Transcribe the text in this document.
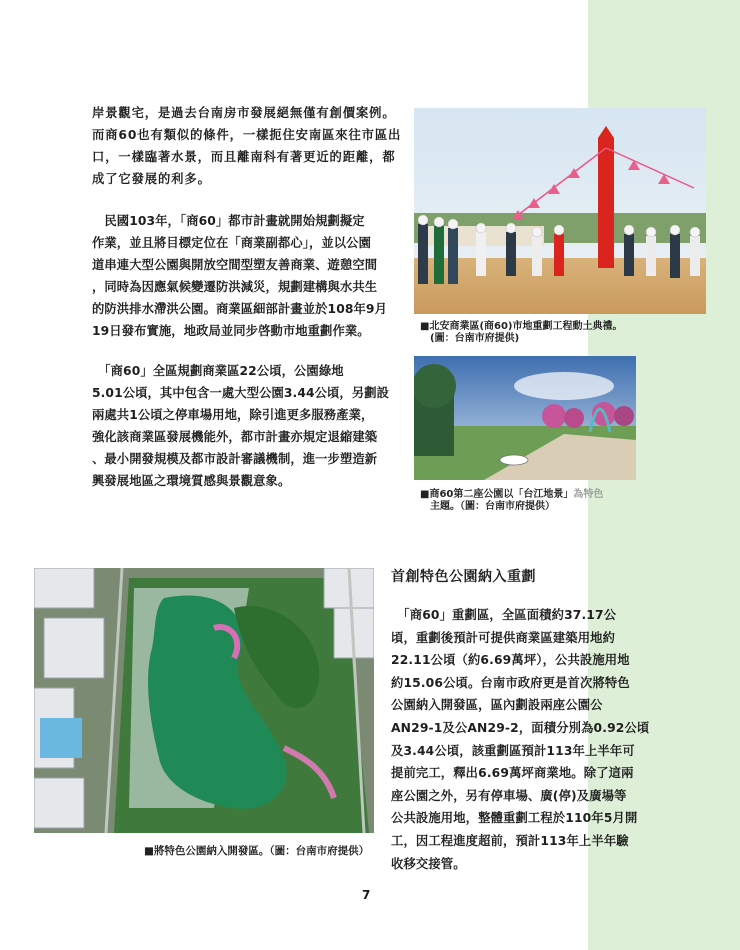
岸景觀宅，是過去台南房市發展絕無僅有創價案例。
而商60也有類似的條件，一樣扼住安南區來往市區出
口，一樣臨著水景，而且離南科有著更近的距離，都
成了它發展的利多。
　民國103年，「商60」都市計畫就開始規劃擬定
作業，並且將目標定位在「商業副都心」，並以公園
道串連大型公園與開放空間型塑友善商業、遊憩空間
，同時為因應氣候變遷防洪減災，規劃建構與水共生
的防洪排水滯洪公園。商業區細部計畫並於108年9月
19日發布實施，地政局並同步啓動市地重劃作業。
　「商60」全區規劃商業區22公頃，公園綠地
5.01公頃，其中包含一處大型公園3.44公頃，另劃設
兩處共1公頃之停車場用地，除引進更多服務產業，
強化該商業區發展機能外，都市計畫亦規定退縮建築
、最小開發規模及都市設計審議機制，進一步塑造新
興發展地區之環境質感與景觀意象。
■北安商業區(商60)市地重劃工程動土典禮。
　(圖：台南市府提供)
■商60第二座公園以「台江地景」為特色
　主題。（圖：台南市府提供）
■將特色公園納入開發區。（圖：台南市府提供）
首創特色公園納入重劃
　「商60」重劃區，全區面積約37.17公
頃，重劃後預計可提供商業區建築用地約
22.11公頃（約6.69萬坪），公共設施用地
約15.06公頃。台南市政府更是首次將特色
公園納入開發區，區內劃設兩座公園公
AN29-1及公AN29-2，面積分別為0.92公頃
及3.44公頃，該重劃區預計113年上半年可
提前完工，釋出6.69萬坪商業地。除了這兩
座公園之外，另有停車場、廣(停)及廣場等
公共設施用地，整體重劃工程於110年5月開
工，因工程進度超前，預計113年上半年驗
收移交接管。
7
